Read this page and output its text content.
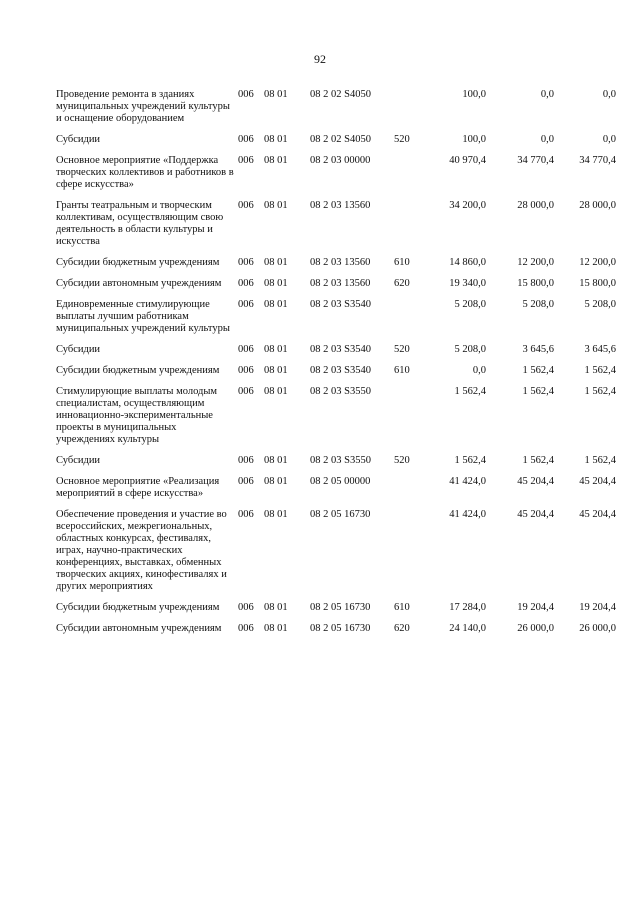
92
Проведение ремонта в зданиях муниципальных учреждений культуры и оснащение оборудованием	006	08 01	08 2 02 S4050		100,0	0,0	0,0
Субсидии	006	08 01	08 2 02 S4050	520	100,0	0,0	0,0
Основное мероприятие «Поддержка творческих коллективов и работников в сфере искусства»	006	08 01	08 2 03 00000		40 970,4	34 770,4	34 770,4
Гранты театральным и творческим коллективам, осуществляющим свою деятельность в области культуры и искусства	006	08 01	08 2 03 13560		34 200,0	28 000,0	28 000,0
Субсидии бюджетным учреждениям	006	08 01	08 2 03 13560	610	14 860,0	12 200,0	12 200,0
Субсидии автономным учреждениям	006	08 01	08 2 03 13560	620	19 340,0	15 800,0	15 800,0
Единовременные стимулирующие выплаты лучшим работникам муниципальных учреждений культуры	006	08 01	08 2 03 S3540		5 208,0	5 208,0	5 208,0
Субсидии	006	08 01	08 2 03 S3540	520	5 208,0	3 645,6	3 645,6
Субсидии бюджетным учреждениям	006	08 01	08 2 03 S3540	610	0,0	1 562,4	1 562,4
Стимулирующие выплаты молодым специалистам, осуществляющим инновационно-экспериментальные проекты в муниципальных учреждениях культуры	006	08 01	08 2 03 S3550		1 562,4	1 562,4	1 562,4
Субсидии	006	08 01	08 2 03 S3550	520	1 562,4	1 562,4	1 562,4
Основное мероприятие «Реализация мероприятий в сфере искусства»	006	08 01	08 2 05 00000		41 424,0	45 204,4	45 204,4
Обеспечение проведения и участие во всероссийских, межрегиональных, областных конкурсах, фестивалях, играх, научно-практических конференциях, выставках, обменных творческих акциях, кинофестивалях и других мероприятиях	006	08 01	08 2 05 16730		41 424,0	45 204,4	45 204,4
Субсидии бюджетным учреждениям	006	08 01	08 2 05 16730	610	17 284,0	19 204,4	19 204,4
Субсидии автономным учреждениям	006	08 01	08 2 05 16730	620	24 140,0	26 000,0	26 000,0
